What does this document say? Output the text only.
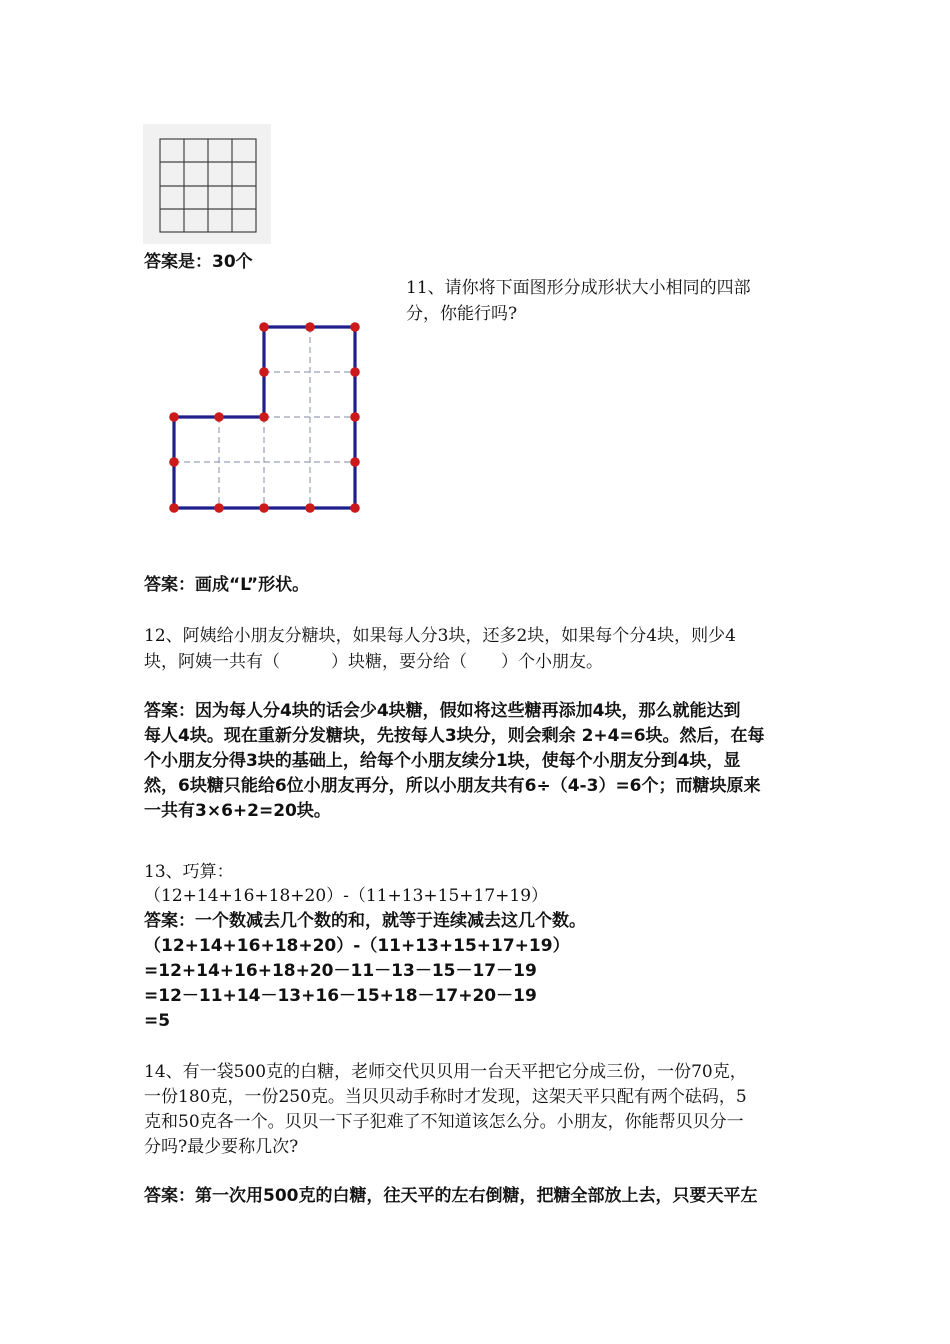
答案是：30个
11、请你将下面图形分成形状大小相同的四部
分，你能行吗?
答案：画成“L”形状。
12、阿姨给小朋友分糖块，如果每人分3块，还多2块，如果每个分4块，则少4
块，阿姨一共有（　　　）块糖，要分给（　　）个小朋友。
答案：因为每人分4块的话会少4块糖，假如将这些糖再添加4块，那么就能达到
每人4块。现在重新分发糖块，先按每人3块分，则会剩余 2+4=6块。然后，在每
个小朋友分得3块的基础上，给每个小朋友续分1块，使每个小朋友分到4块，显
然，6块糖只能给6位小朋友再分，所以小朋友共有6÷（4-3）=6个；而糖块原来
一共有3×6+2=20块。
13、巧算：
（12+14+16+18+20）-（11+13+15+17+19）
答案：一个数减去几个数的和，就等于连续减去这几个数。
（12+14+16+18+20）-（11+13+15+17+19）
=12+14+16+18+20－11－13－15－17－19
=12－11+14－13+16－15+18－17+20－19
=5
14、有一袋500克的白糖，老师交代贝贝用一台天平把它分成三份，一份70克，
一份180克，一份250克。当贝贝动手称时才发现，这架天平只配有两个砝码，5
克和50克各一个。贝贝一下子犯难了不知道该怎么分。小朋友，你能帮贝贝分一
分吗?最少要称几次?
答案：第一次用500克的白糖，往天平的左右倒糖，把糖全部放上去，只要天平左
